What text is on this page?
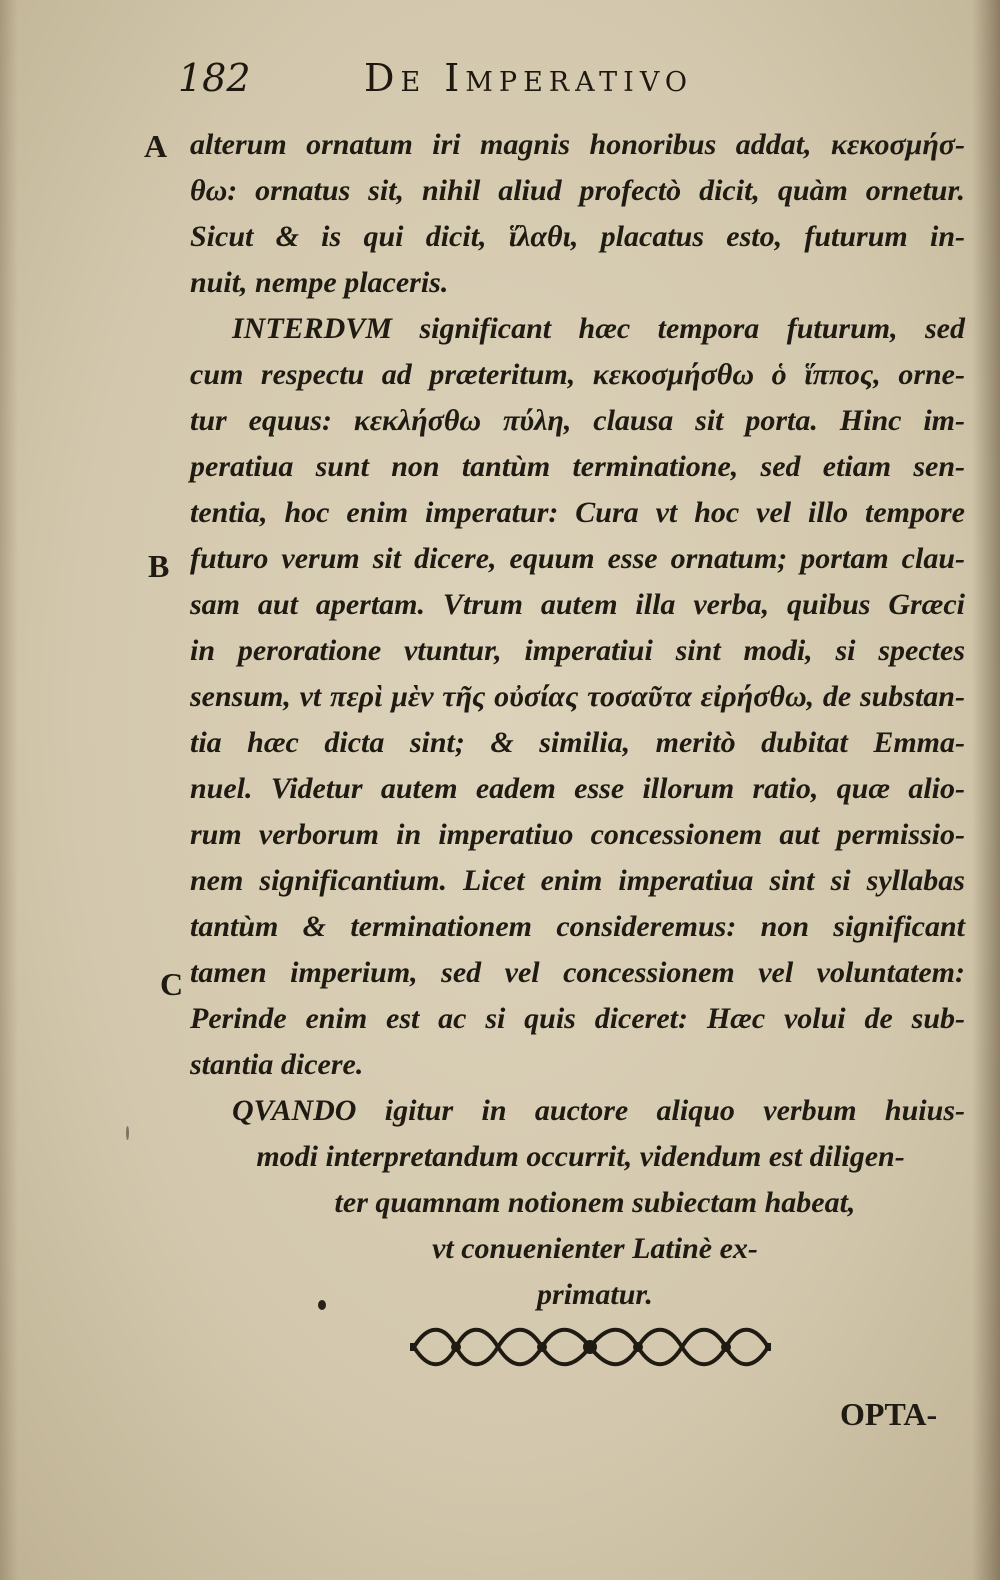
182	De Imperativo
A
B
C
alterum ornatum iri magnis honoribus addat, κεκοσμήσ-
θω: ornatus sit, nihil aliud profectò dicit, quàm ornetur.
Sicut & is qui dicit, ἵλαθι, placatus esto, futurum in-
nuit, nempe placeris.
INTERDVM significant hæc tempora futurum, sed
cum respectu ad præteritum, κεκοσμήσθω ὁ ἵππος, orne-
tur equus: κεκλήσθω πύλη, clausa sit porta. Hinc im-
peratiua sunt non tantùm terminatione, sed etiam sen-
tentia, hoc enim imperatur: Cura vt hoc vel illo tempore
futuro verum sit dicere, equum esse ornatum; portam clau-
sam aut apertam. Vtrum autem illa verba, quibus Græci
in peroratione vtuntur, imperatiui sint modi, si spectes
sensum, vt περὶ μὲν τῆς οὐσίας τοσαῦτα εἰρήσθω, de substan-
tia hæc dicta sint; & similia, meritò dubitat Emma-
nuel. Videtur autem eadem esse illorum ratio, quæ alio-
rum verborum in imperatiuo concessionem aut permissio-
nem significantium. Licet enim imperatiua sint si syllabas
tantùm & terminationem consideremus: non significant
tamen imperium, sed vel concessionem vel voluntatem:
Perinde enim est ac si quis diceret: Hæc volui de sub-
stantia dicere.
QVANDO igitur in auctore aliquo verbum huius-
modi interpretandum occurrit, videndum est diligen-
ter quamnam notionem subiectam habeat,
vt conuenienter Latinè ex-
primatur.
OPTA-
